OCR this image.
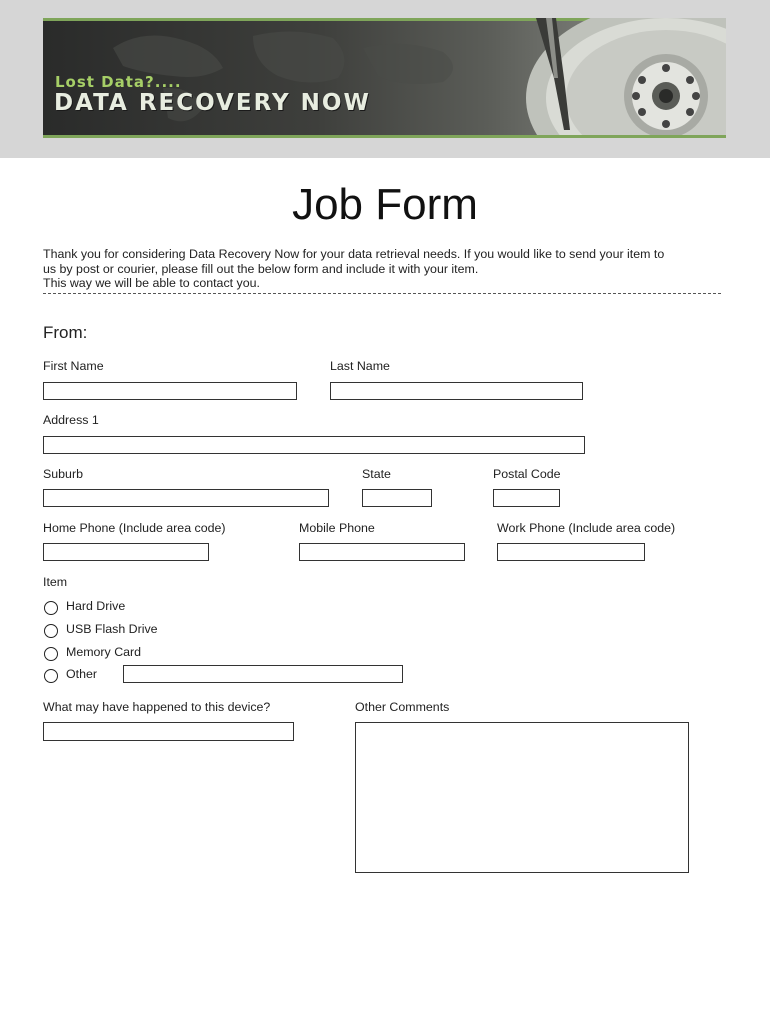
Lost Data?....
DATA RECOVERY NOW
Job Form

Thank you for considering Data Recovery Now for your data retrieval needs. If you would like to send your item to

us by post or courier, please fill out the below form and include it with your item.

This way we will be able to contact you.

From:
First Name	Last Name
Address 1
Suburb	State	Postal Code
Home Phone (Include area code)	Mobile Phone	Work Phone (Include area code)
Item
Hard Drive
USB Flash Drive
Memory Card
Other
What may have happened to this device?	Other Comments
